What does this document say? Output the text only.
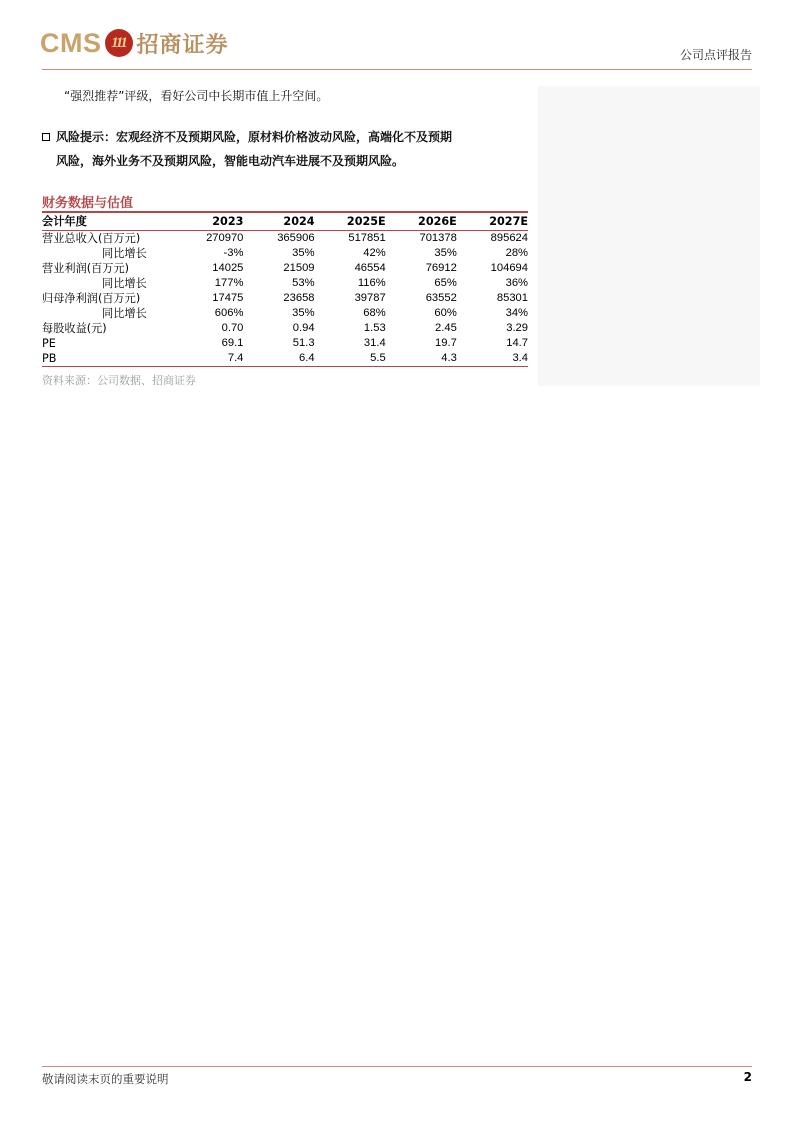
CMS 111 招商证券	公司点评报告
“强烈推荐”评级，看好公司中长期市值上升空间。
风险提示：宏观经济不及预期风险，原材料价格波动风险，高端化不及预期
风险，海外业务不及预期风险，智能电动汽车进展不及预期风险。
财务数据与估值
会计年度	2023	2024	2025E	2026E	2027E
营业总收入(百万元)	270970	365906	517851	701378	895624
同比增长	-3%	35%	42%	35%	28%
营业利润(百万元)	14025	21509	46554	76912	104694
同比增长	177%	53%	116%	65%	36%
归母净利润(百万元)	17475	23658	39787	63552	85301
同比增长	606%	35%	68%	60%	34%
每股收益(元)	0.70	0.94	1.53	2.45	3.29
PE	69.1	51.3	31.4	19.7	14.7
PB	7.4	6.4	5.5	4.3	3.4
资料来源：公司数据、招商证券
敬请阅读末页的重要说明	2
